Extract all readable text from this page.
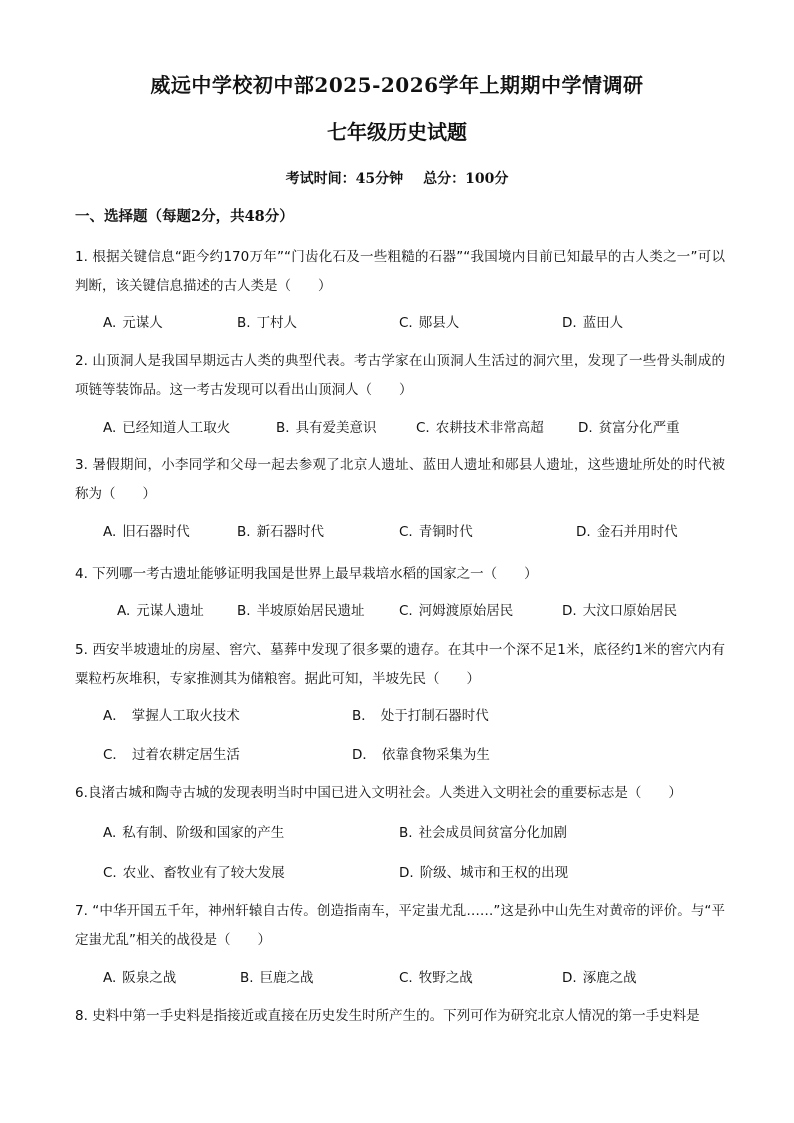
威远中学校初中部2025-2026学年上期期中学情调研
七年级历史试题
考试时间：45分钟 总分：100分
一、选择题（每题2分，共48分）
1. 根据关键信息“距今约170万年”“门齿化石及一些粗糙的石器”“我国境内目前已知最早的古人类之一”可以判断，该关键信息描述的古人类是（　　）
A. 元谋人	B. 丁村人	C. 郧县人	D. 蓝田人
2. 山顶洞人是我国早期远古人类的典型代表。考古学家在山顶洞人生活过的洞穴里，发现了一些骨头制成的项链等装饰品。这一考古发现可以看出山顶洞人（　　）
A. 已经知道人工取火	B. 具有爱美意识	C. 农耕技术非常高超	D. 贫富分化严重
3. 暑假期间，小李同学和父母一起去参观了北京人遗址、蓝田人遗址和郧县人遗址，这些遗址所处的时代被称为（　　）
A. 旧石器时代	B. 新石器时代	C. 青铜时代	D. 金石并用时代
4. 下列哪一考古遗址能够证明我国是世界上最早栽培水稻的国家之一（　　）
A. 元谋人遗址 B. 半坡原始居民遗址	C. 河姆渡原始居民	D. 大汶口原始居民
5. 西安半坡遗址的房屋、窖穴、墓葬中发现了很多粟的遗存。在其中一个深不足1米，底径约1米的窖穴内有粟粒朽灰堆积，专家推测其为储粮窖。据此可知，半坡先民（　　）
A． 掌握人工取火技术	B． 处于打制石器时代
C． 过着农耕定居生活	D． 依靠食物采集为生
6.良渚古城和陶寺古城的发现表明当时中国已进入文明社会。人类进入文明社会的重要标志是（　　）
A. 私有制、阶级和国家的产生	B. 社会成员间贫富分化加剧
C. 农业、畜牧业有了较大发展	D. 阶级、城市和王权的出现
7. “中华开国五千年，神州轩辕自古传。创造指南车，平定蚩尤乱……”这是孙中山先生对黄帝的评价。与“平定蚩尤乱”相关的战役是（　　）
A. 阪泉之战	B. 巨鹿之战	C. 牧野之战	D. 涿鹿之战
8. 史料中第一手史料是指接近或直接在历史发生时所产生的。下列可作为研究北京人情况的第一手史料是
